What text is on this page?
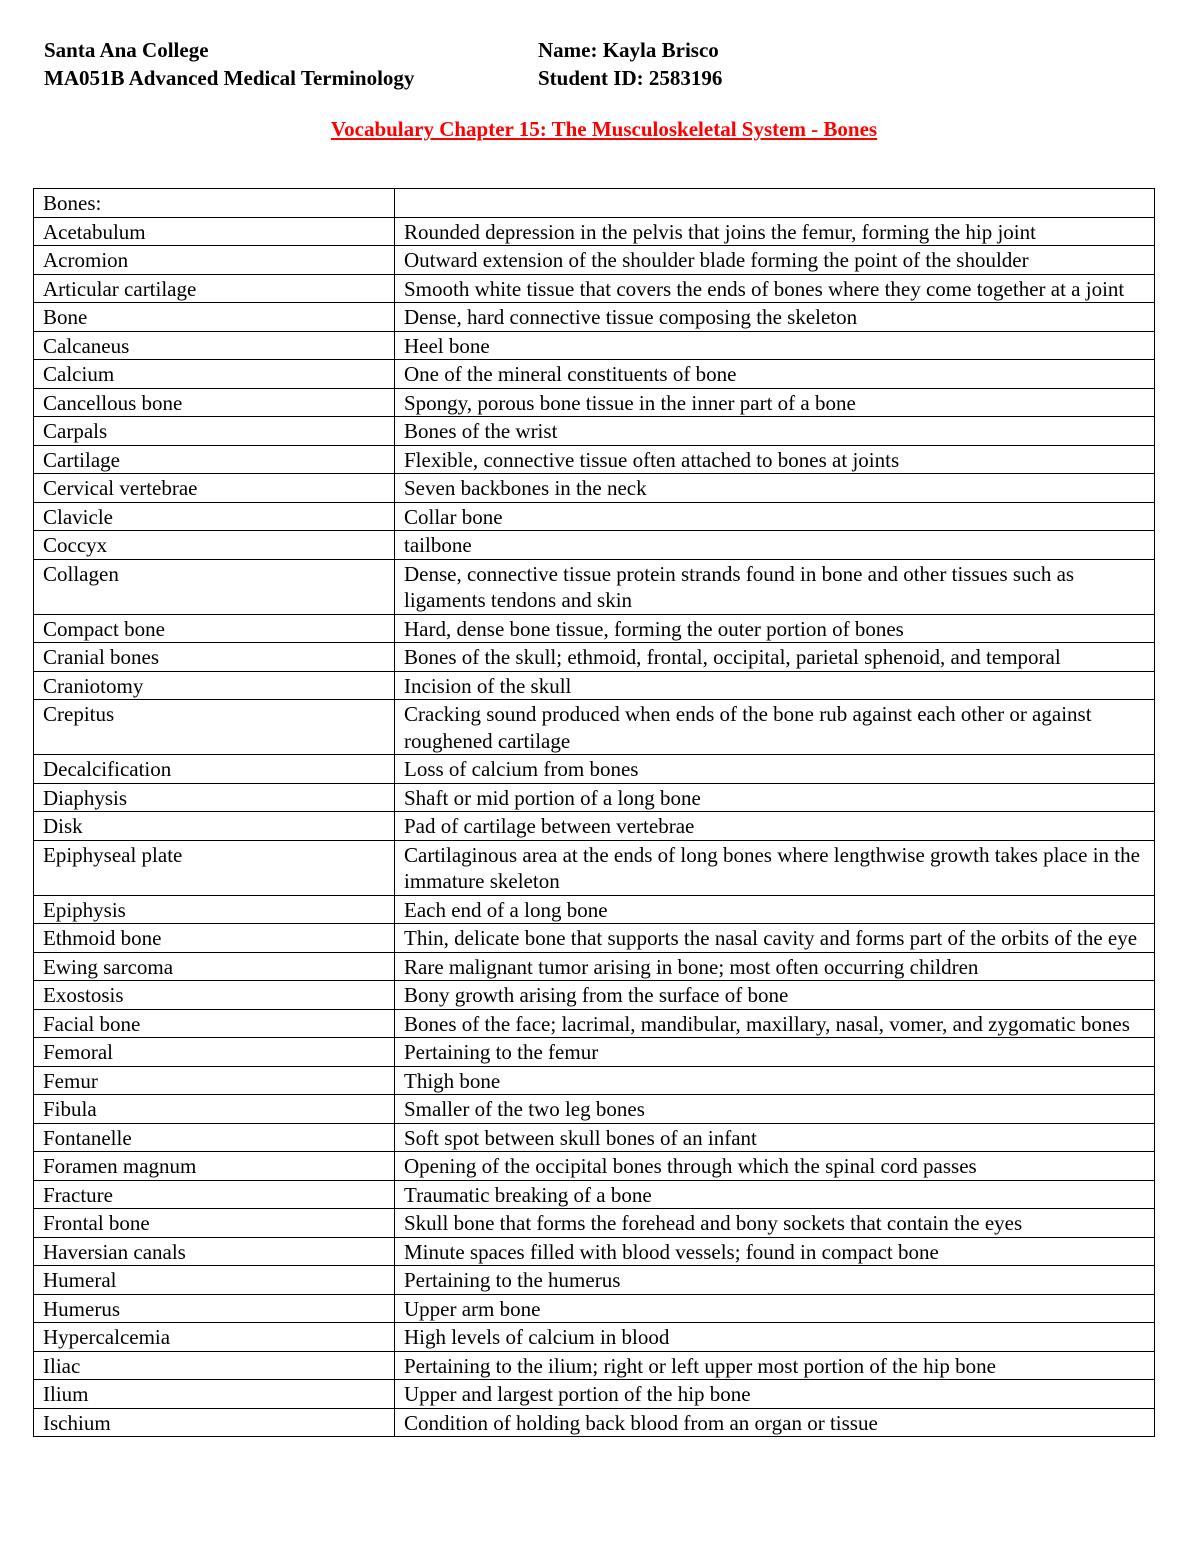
Santa Ana College	Name: Kayla Brisco
MA051B Advanced Medical Terminology	Student ID: 2583196
Vocabulary Chapter 15: The Musculoskeletal System - Bones
Bones:	
Acetabulum	Rounded depression in the pelvis that joins the femur, forming the hip joint
Acromion	Outward extension of the shoulder blade forming the point of the shoulder
Articular cartilage	Smooth white tissue that covers the ends of bones where they come together at a joint
Bone	Dense, hard connective tissue composing the skeleton
Calcaneus	Heel bone
Calcium	One of the mineral constituents of bone
Cancellous bone	Spongy, porous bone tissue in the inner part of a bone
Carpals	Bones of the wrist
Cartilage	Flexible, connective tissue often attached to bones at joints
Cervical vertebrae	Seven backbones in the neck
Clavicle	Collar bone
Coccyx	tailbone
Collagen	Dense, connective tissue protein strands found in bone and other tissues such as ligaments tendons and skin
Compact bone	Hard, dense bone tissue, forming the outer portion of bones
Cranial bones	Bones of the skull; ethmoid, frontal, occipital, parietal sphenoid, and temporal
Craniotomy	Incision of the skull
Crepitus	Cracking sound produced when ends of the bone rub against each other or against roughened cartilage
Decalcification	Loss of calcium from bones
Diaphysis	Shaft or mid portion of a long bone
Disk	Pad of cartilage between vertebrae
Epiphyseal plate	Cartilaginous area at the ends of long bones where lengthwise growth takes place in the immature skeleton
Epiphysis	Each end of a long bone
Ethmoid bone	Thin, delicate bone that supports the nasal cavity and forms part of the orbits of the eye
Ewing sarcoma	Rare malignant tumor arising in bone; most often occurring children
Exostosis	Bony growth arising from the surface of bone
Facial bone	Bones of the face; lacrimal, mandibular, maxillary, nasal, vomer, and zygomatic bones
Femoral	Pertaining to the femur
Femur	Thigh bone
Fibula	Smaller of the two leg bones
Fontanelle	Soft spot between skull bones of an infant
Foramen magnum	Opening of the occipital bones through which the spinal cord passes
Fracture	Traumatic breaking of a bone
Frontal bone	Skull bone that forms the forehead and bony sockets that contain the eyes
Haversian canals	Minute spaces filled with blood vessels; found in compact bone
Humeral	Pertaining to the humerus
Humerus	Upper arm bone
Hypercalcemia	High levels of calcium in blood
Iliac	Pertaining to the ilium; right or left upper most portion of the hip bone
Ilium	Upper and largest portion of the hip bone
Ischium	Condition of holding back blood from an organ or tissue
